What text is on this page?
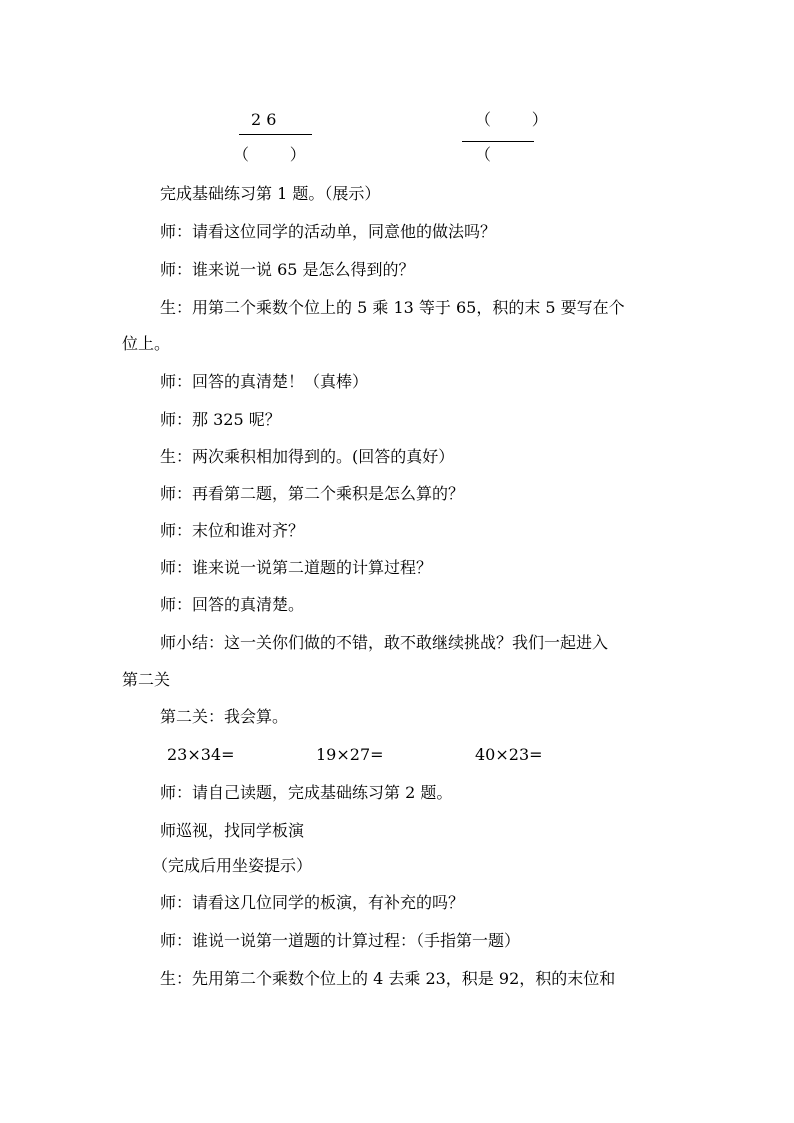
2 6
（        ）
（        ）
（
完成基础练习第 1 题。（展示）
师：请看这位同学的活动单，同意他的做法吗？
师：谁来说一说 65 是怎么得到的？
生：用第二个乘数个位上的 5 乘 13 等于 65，积的末 5 要写在个
位上。
师：回答的真清楚！（真棒）
师：那 325 呢？
生：两次乘积相加得到的。(回答的真好）
师：再看第二题，第二个乘积是怎么算的？
师：末位和谁对齐？
师：谁来说一说第二道题的计算过程？
师：回答的真清楚。
师小结：这一关你们做的不错，敢不敢继续挑战？我们一起进入
第二关
第二关：我会算。
23×34=	19×27=	40×23=
师：请自己读题，完成基础练习第 2 题。
师巡视，找同学板演
（完成后用坐姿提示）
师：请看这几位同学的板演，有补充的吗？
师：谁说一说第一道题的计算过程：（手指第一题）
生：先用第二个乘数个位上的 4 去乘 23，积是 92，积的末位和
